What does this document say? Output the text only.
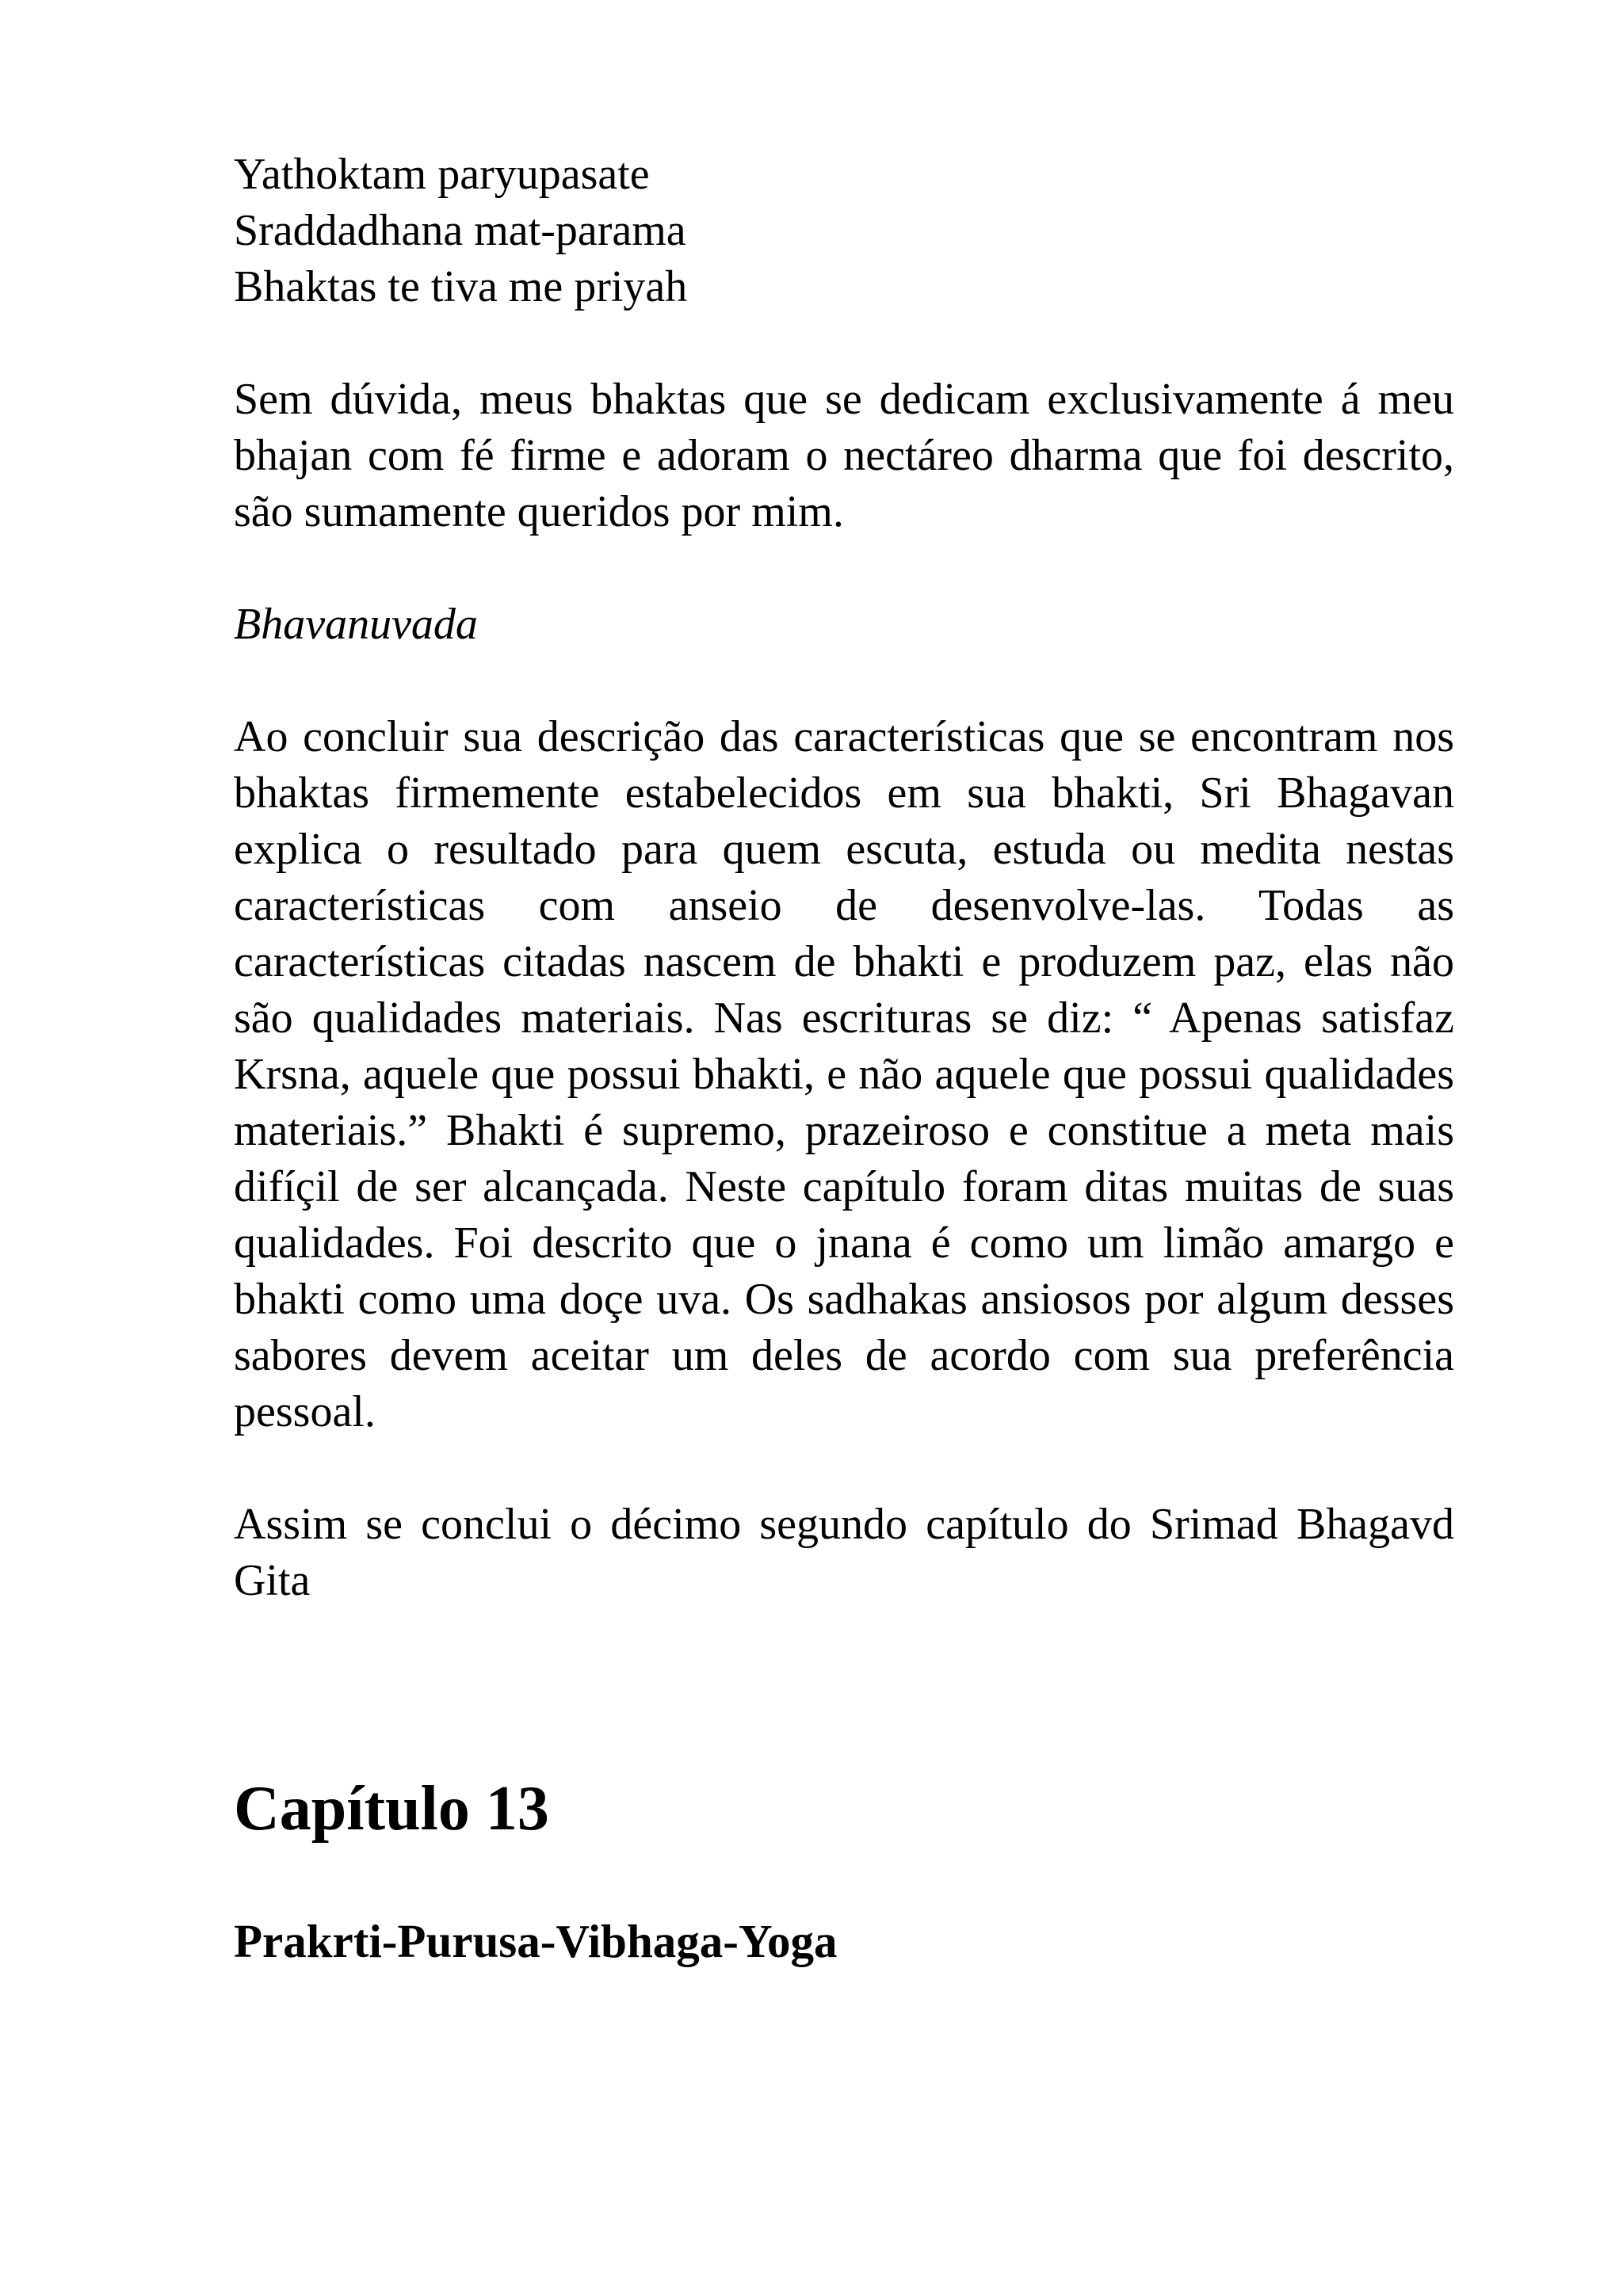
Yathoktam paryupasate
Sraddadhana mat-parama
Bhaktas te tiva me priyah

Sem dúvida, meus bhaktas que se dedicam exclusivamente á meu bhajan com fé firme e adoram o nectáreo dharma que foi descrito, são sumamente queridos por mim.

Bhavanuvada

Ao concluir sua descrição das características que se encontram nos bhaktas firmemente estabelecidos em sua bhakti, Sri Bhagavan explica o resultado para quem escuta, estuda ou medita nestas características com anseio de desenvolve-las. Todas as características citadas nascem de bhakti e produzem paz, elas não são qualidades materiais. Nas escrituras se diz: “ Apenas satisfaz Krsna, aquele que possui bhakti, e não aquele que possui qualidades materiais.” Bhakti é supremo, prazeiroso e constitue a meta mais difíçil de ser alcançada. Neste capítulo foram ditas muitas de suas qualidades. Foi descrito que o jnana é como um limão amargo e bhakti como uma doçe uva. Os sadhakas ansiosos por algum desses sabores devem aceitar um deles de acordo com sua preferência pessoal.

Assim se conclui o décimo segundo capítulo do Srimad Bhagavd Gita

Capítulo 13
Prakrti-Purusa-Vibhaga-Yoga
